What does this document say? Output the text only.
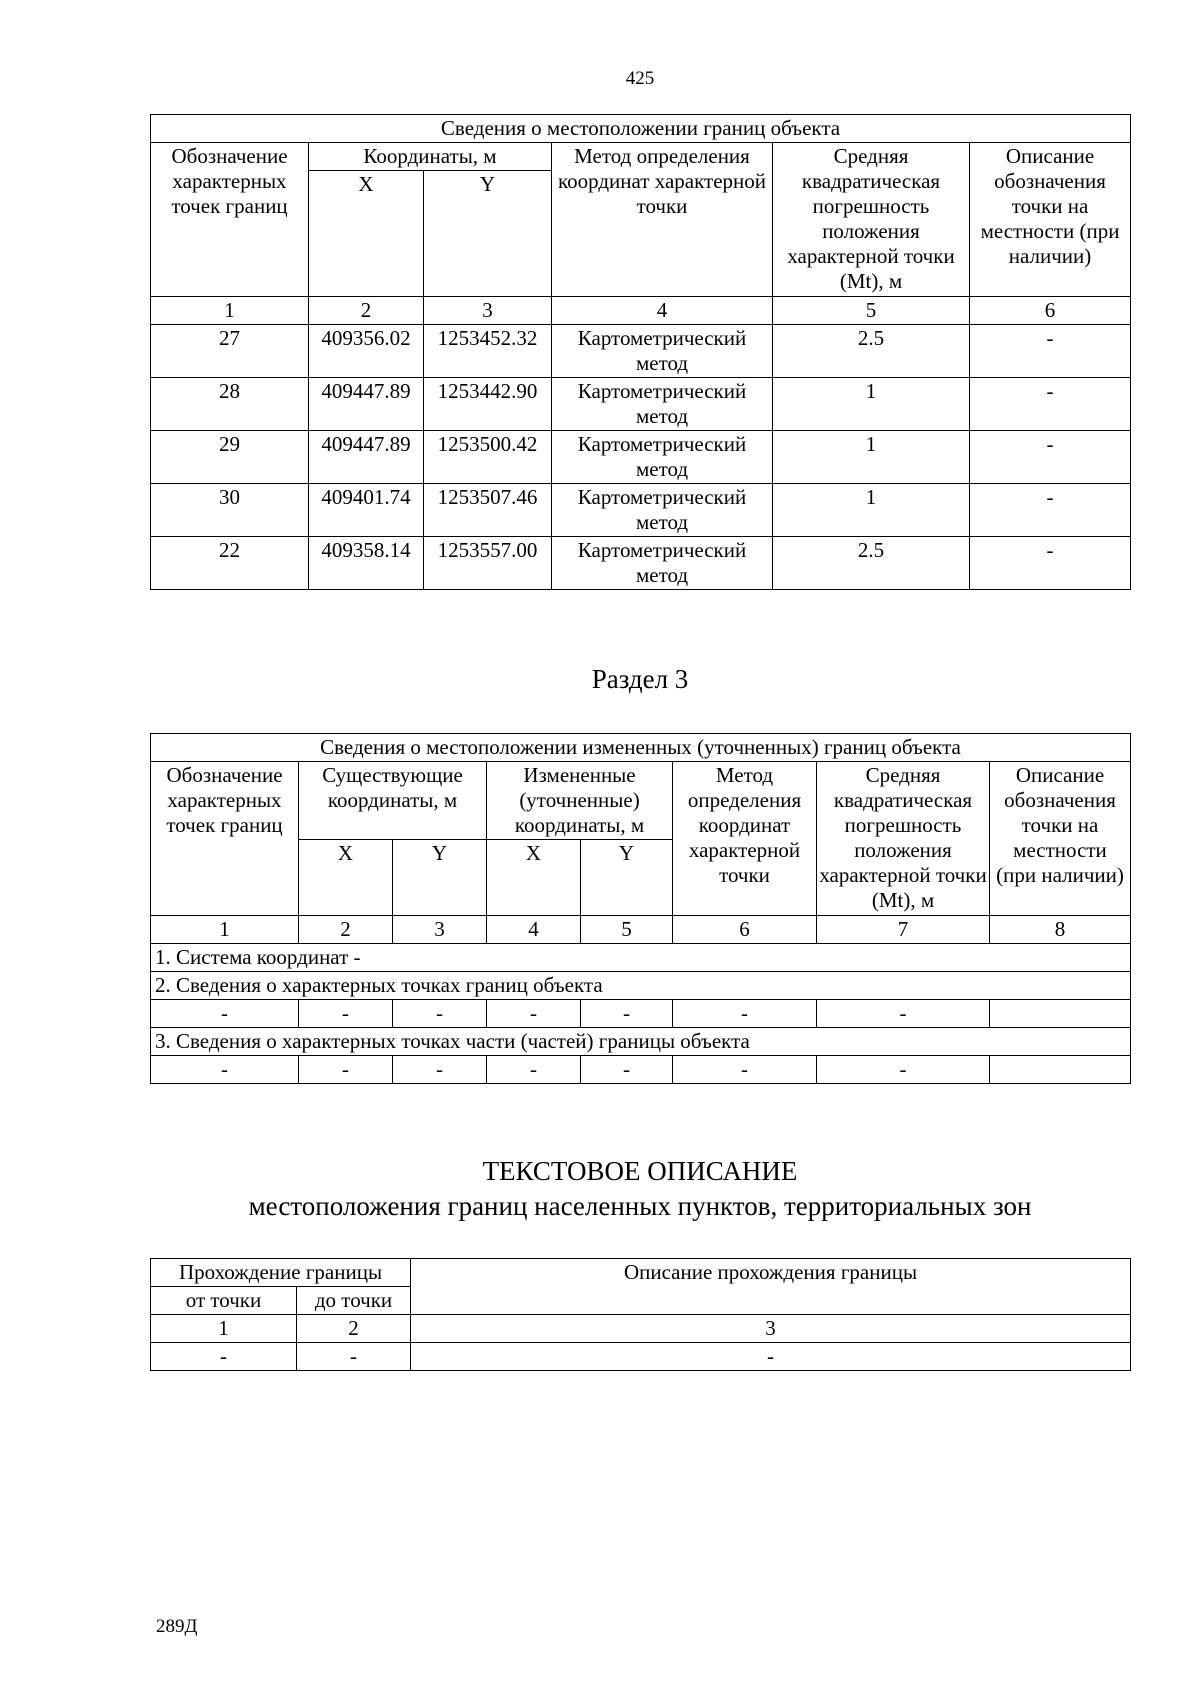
425
Сведения о местоположении границ объекта					
Обозначение характерных точек границ	Координаты, м		Метод определения координат характерной точки	Средняя квадратическая погрешность положения характерной точки (Mt), м	Описание обозначения точки на местности (при наличии)
	X	Y			
1	2	3	4	5	6
27	409356.02	1253452.32	Картометрический метод	2.5	-
28	409447.89	1253442.90	Картометрический метод	1	-
29	409447.89	1253500.42	Картометрический метод	1	-
30	409401.74	1253507.46	Картометрический метод	1	-
22	409358.14	1253557.00	Картометрический метод	2.5	-
Раздел 3
Сведения о местоположении измененных (уточненных) границ объекта							
Обозначение характерных точек границ	Существующие координаты, м		Измененные (уточненные) координаты, м		Метод определения координат характерной точки	Средняя квадратическая погрешность положения характерной точки (Mt), м	Описание обозначения точки на местности (при наличии)
	X	Y	X	Y			
1	2	3	4	5	6	7	8
1. Система координат -							
2. Сведения о характерных точках границ объекта							
-	-	-	-	-	-	-	
3. Сведения о характерных точках части (частей) границы объекта							
-	-	-	-	-	-	-	
ТЕКСТОВОЕ ОПИСАНИЕ
местоположения границ населенных пунктов, территориальных зон
Прохождение границы		Описание прохождения границы
от точки	до точки	
1	2	3
-	-	-
289Д
